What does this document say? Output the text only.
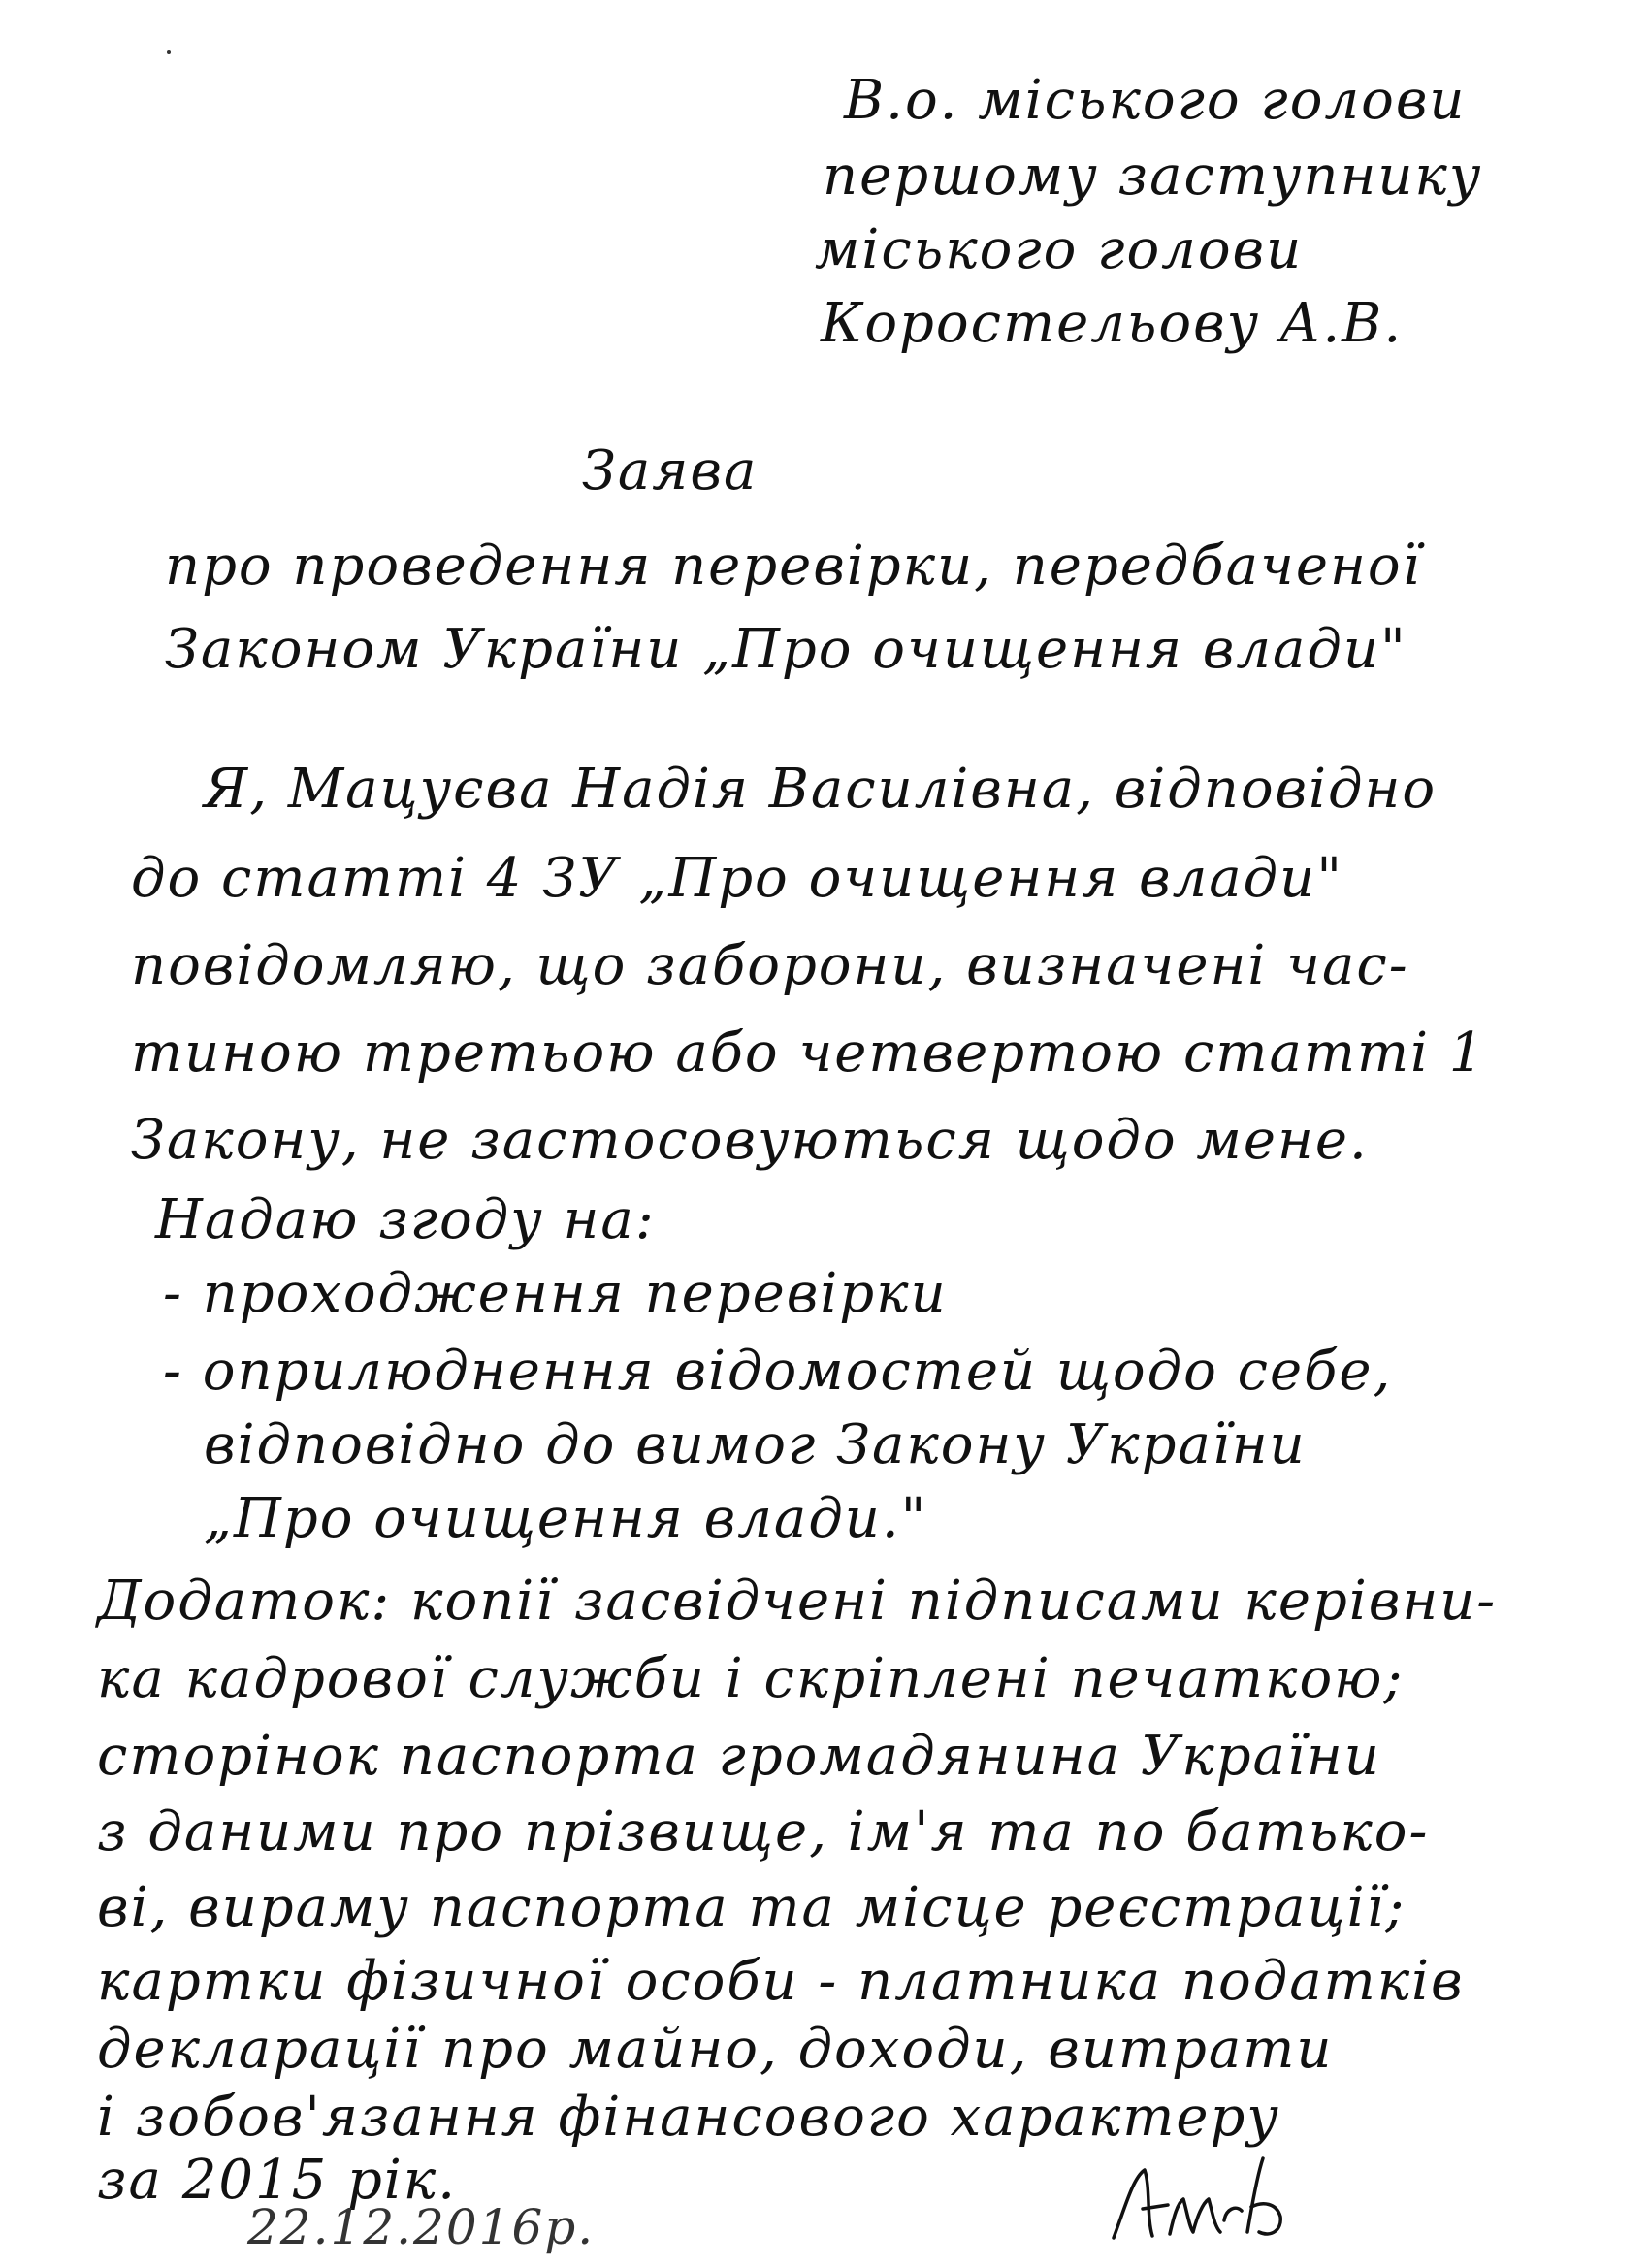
В.о. міського голови
першому заступнику
міського голови
Коростельову А.В.
Заява
про проведення перевірки, передбаченої
Законом України „Про очищення влади"
Я, Мацуєва Надія Василівна, відповідно
до статті 4 ЗУ „Про очищення влади"
повідомляю, що заборони, визначені час-
тиною третьою або четвертою статті 1
Закону, не застосовуються щодо мене.
Надаю згоду на:
- проходження перевірки
- оприлюднення відомостей щодо себе,
відповідно до вимог Закону України
„Про очищення влади."
Додаток: копії засвідчені підписами керівни-
ка кадрової служби і скріплені печаткою;
сторінок паспорта громадянина України
з даними про прізвище, ім'я та по батько-
ві, вираму паспорта та місце реєстрації;
картки фізичної особи - платника податків
декларації про майно, доходи, витрати
і зобов'язання фінансового характеру
за 2015 рік.
22.12.2016р.
